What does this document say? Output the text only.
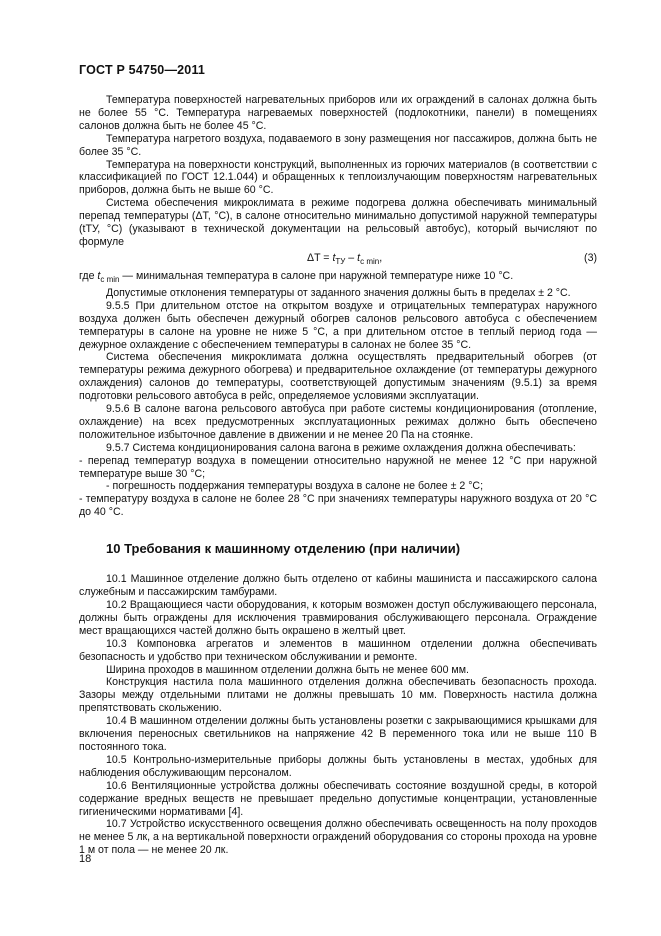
ГОСТ Р 54750—2011

Температура поверхностей нагревательных приборов или их ограждений в салонах должна быть не более 55 °С. Температура нагреваемых поверхностей (подлокотники, панели) в помещениях салонов должна быть не более 45 °С.

Температура нагретого воздуха, подаваемого в зону размещения ног пассажиров, должна быть не более 35 °С.

Температура на поверхности конструкций, выполненных из горючих материалов (в соответствии с классификацией по ГОСТ 12.1.044) и обращенных к теплоизлучающим поверхностям нагревательных приборов, должна быть не выше 60 °С.

Система обеспечения микроклимата в режиме подогрева должна обеспечивать минимальный перепад температуры (ΔT, °С), в салоне относительно минимально допустимой наружной температуры (tТУ, °С) (указывают в технической документации на рельсовый автобус), который вычисляют по формуле

$\Delta T = t_{ТУ} - t_{с min}$,	(3)

где $t_{c min}$ — минимальная температура в салоне при наружной температуре ниже 10 °С.

Допустимые отклонения температуры от заданного значения должны быть в пределах ± 2 °С.

9.5.5 При длительном отстое на открытом воздухе и отрицательных температурах наружного воздуха должен быть обеспечен дежурный обогрев салонов рельсового автобуса с обеспечением температуры в салоне на уровне не ниже 5 °С, а при длительном отстое в теплый период года — дежурное охлаждение с обеспечением температуры в салонах не более 35 °С.

Система обеспечения микроклимата должна осуществлять предварительный обогрев (от температуры режима дежурного обогрева) и предварительное охлаждение (от температуры дежурного охлаждения) салонов до температуры, соответствующей допустимым значениям (9.5.1) за время подготовки рельсового автобуса в рейс, определяемое условиями эксплуатации.

9.5.6 В салоне вагона рельсового автобуса при работе системы кондиционирования (отопление, охлаждение) на всех предусмотренных эксплуатационных режимах должно быть обеспечено положительное избыточное давление в движении и не менее 20 Па на стоянке.

9.5.7 Система кондиционирования салона вагона в режиме охлаждения должна обеспечивать:

- перепад температур воздуха в помещении относительно наружной не менее 12 °С при наружной температуре выше 30 °С;

- погрешность поддержания температуры воздуха в салоне не более ± 2 °С;

- температуру воздуха в салоне не более 28 °С при значениях температуры наружного воздуха от 20 °С до 40 °С.

10 Требования к машинному отделению (при наличии)

10.1 Машинное отделение должно быть отделено от кабины машиниста и пассажирского салона служебным и пассажирским тамбурами.

10.2 Вращающиеся части оборудования, к которым возможен доступ обслуживающего персонала, должны быть ограждены для исключения травмирования обслуживающего персонала. Ограждение мест вращающихся частей должно быть окрашено в желтый цвет.

10.3 Компоновка агрегатов и элементов в машинном отделении должна обеспечивать безопасность и удобство при техническом обслуживании и ремонте.

Ширина проходов в машинном отделении должна быть не менее 600 мм.

Конструкция настила пола машинного отделения должна обеспечивать безопасность прохода. Зазоры между отдельными плитами не должны превышать 10 мм. Поверхность настила должна препятствовать скольжению.

10.4 В машинном отделении должны быть установлены розетки с закрывающимися крышками для включения переносных светильников на напряжение 42 В переменного тока или не выше 110 В постоянного тока.

10.5 Контрольно-измерительные приборы должны быть установлены в местах, удобных для наблюдения обслуживающим персоналом.

10.6 Вентиляционные устройства должны обеспечивать состояние воздушной среды, в которой содержание вредных веществ не превышает предельно допустимые концентрации, установленные гигиеническими нормативами [4].

10.7 Устройство искусственного освещения должно обеспечивать освещенность на полу проходов не менее 5 лк, а на вертикальной поверхности ограждений оборудования со стороны прохода на уровне 1 м от пола — не менее 20 лк.

18
